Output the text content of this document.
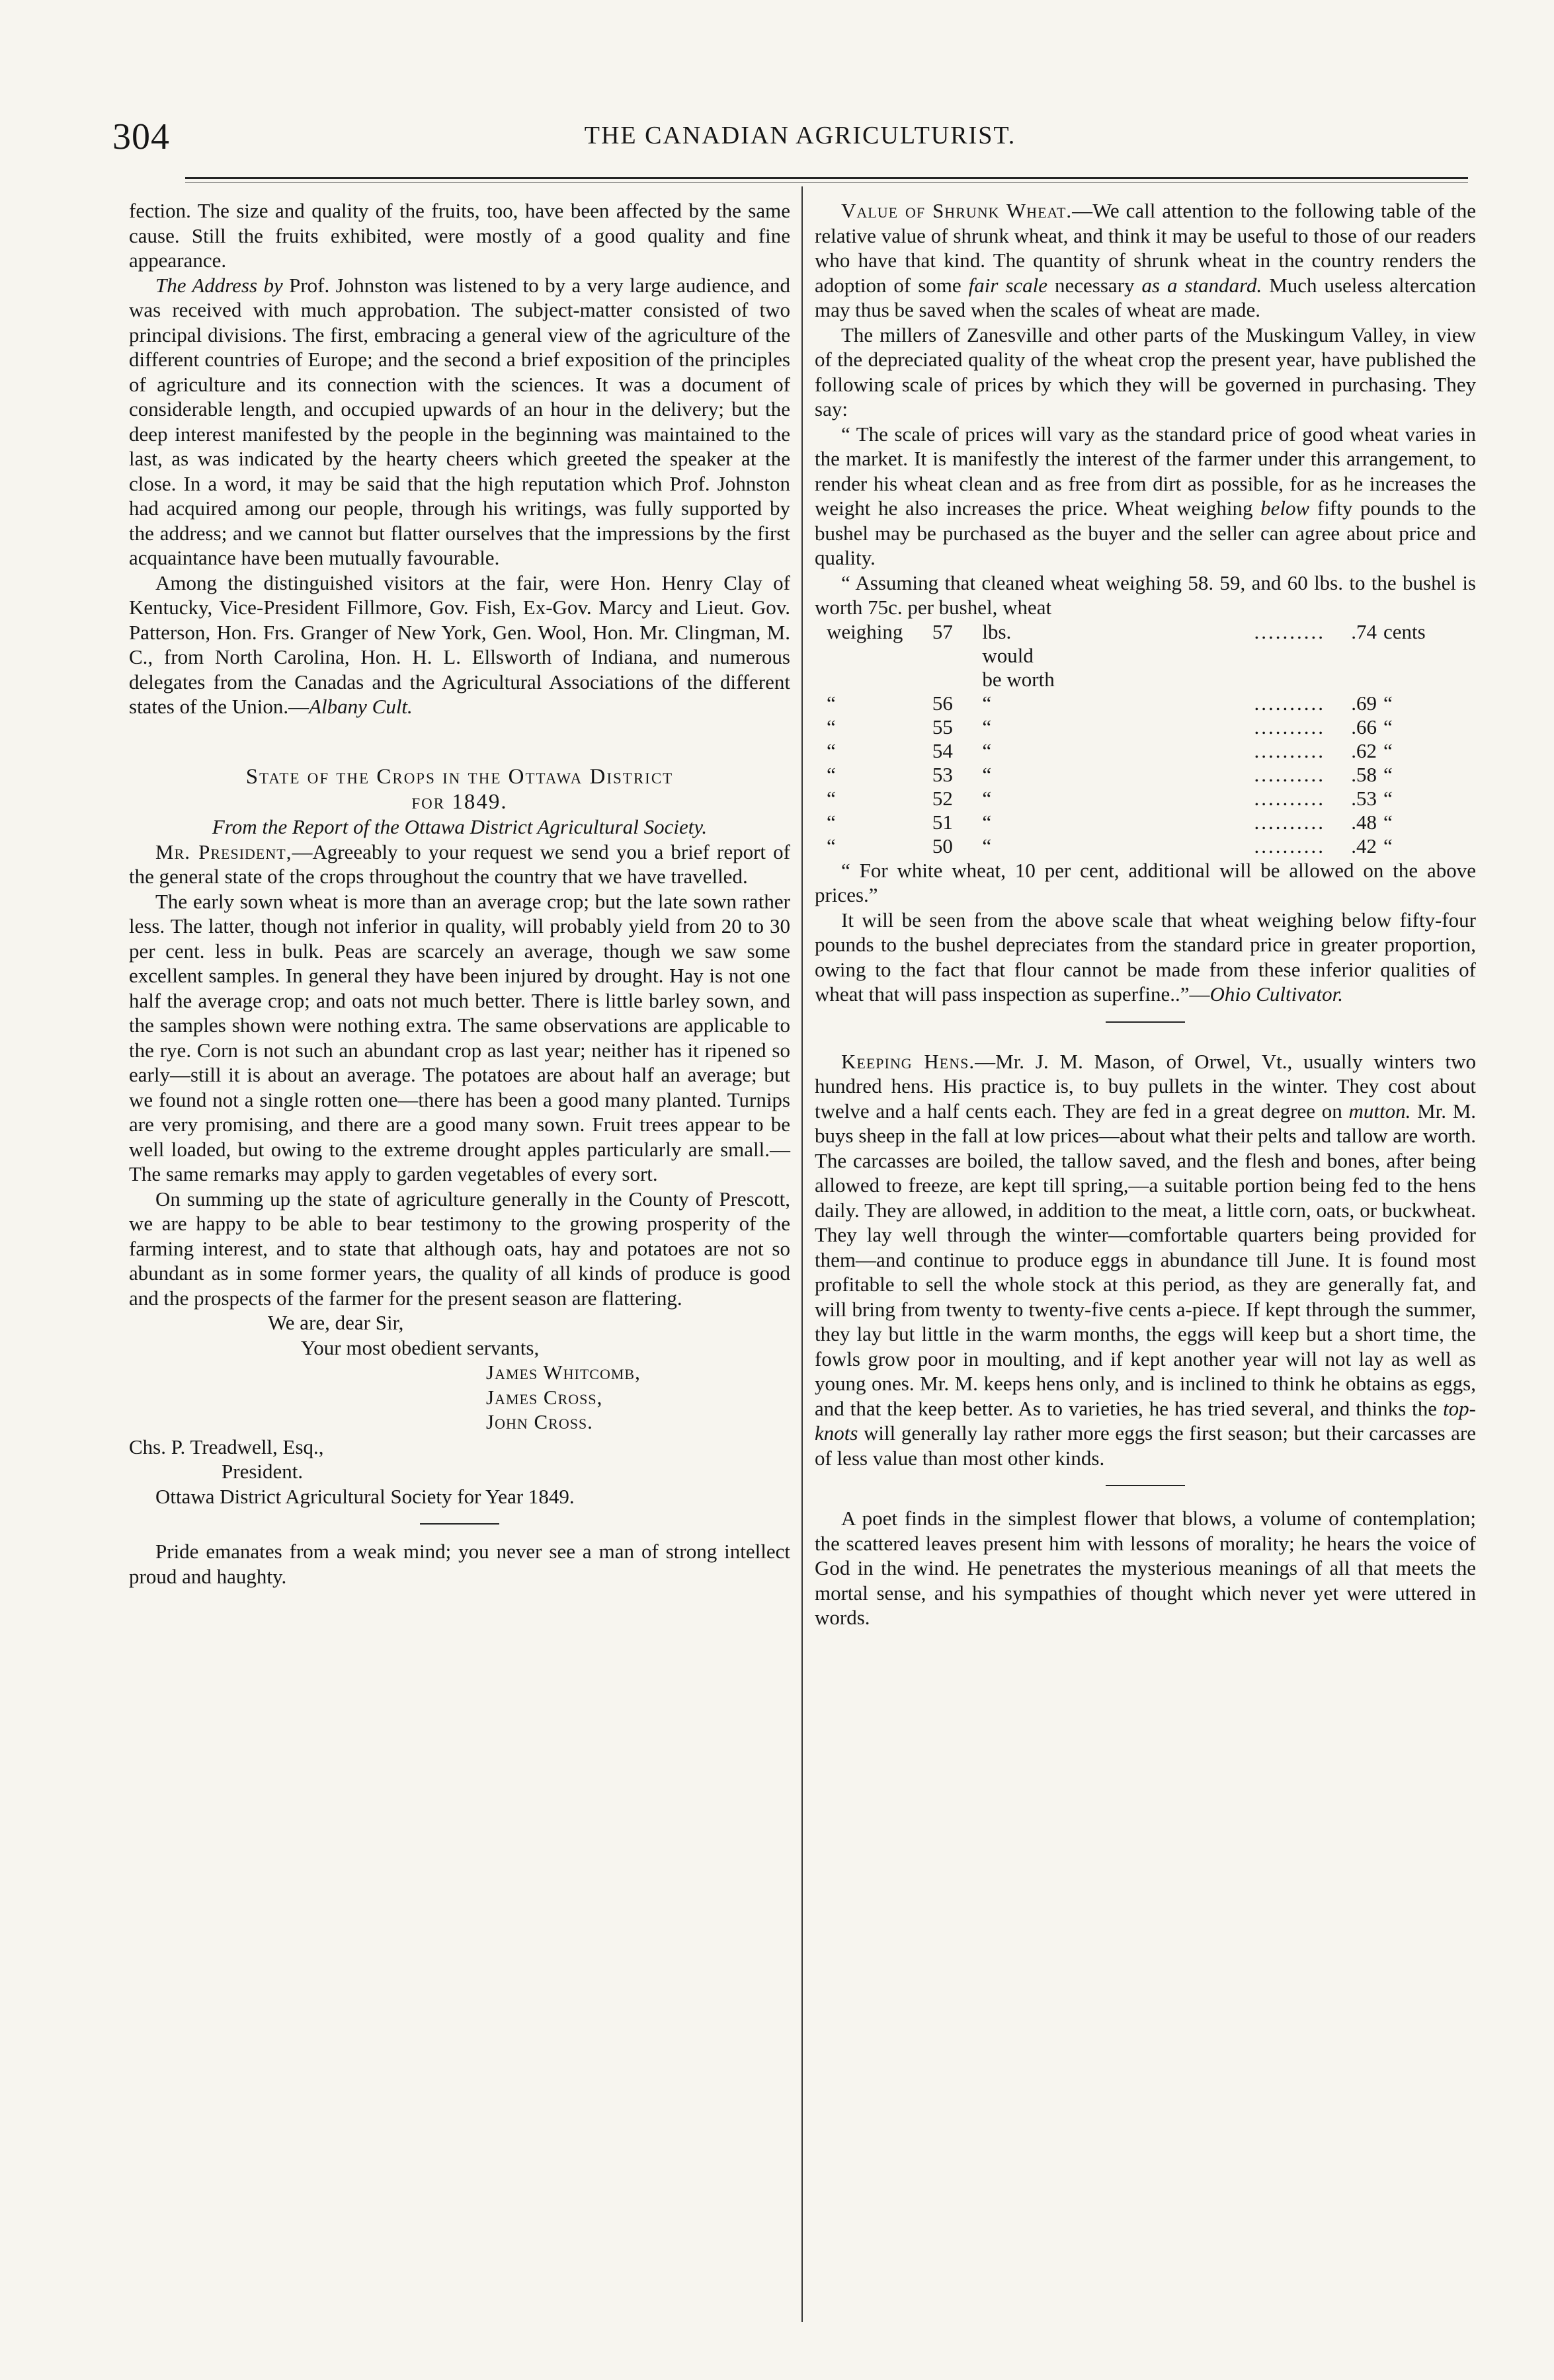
304	THE CANADIAN AGRICULTURIST.

fection. The size and quality of the fruits, too, have been affected by the same cause. Still the fruits exhibited, were mostly of a good quality and fine appearance.

The Address by Prof. Johnston was listened to by a very large audience, and was received with much approbation. The subject-matter consisted of two principal divisions. The first, embracing a general view of the agriculture of the different countries of Europe; and the second a brief exposition of the principles of agriculture and its connection with the sciences. It was a document of considerable length, and occupied upwards of an hour in the delivery; but the deep interest manifested by the people in the beginning was maintained to the last, as was indicated by the hearty cheers which greeted the speaker at the close. In a word, it may be said that the high reputation which Prof. Johnston had acquired among our people, through his writings, was fully supported by the address; and we cannot but flatter ourselves that the impressions by the first acquaintance have been mutually favourable.

Among the distinguished visitors at the fair, were Hon. Henry Clay of Kentucky, Vice-President Fillmore, Gov. Fish, Ex-Gov. Marcy and Lieut. Gov. Patterson, Hon. Frs. Granger of New York, Gen. Wool, Hon. Mr. Clingman, M. C., from North Carolina, Hon. H. L. Ellsworth of Indiana, and numerous delegates from the Canadas and the Agricultural Associations of the different states of the Union.—Albany Cult.

State of the Crops in the Ottawa District
for 1849.
From the Report of the Ottawa District Agricultural Society.

Mr. President,—Agreeably to your request we send you a brief report of the general state of the crops throughout the country that we have travelled.

The early sown wheat is more than an average crop; but the late sown rather less. The latter, though not inferior in quality, will probably yield from 20 to 30 per cent. less in bulk. Peas are scarcely an average, though we saw some excellent samples. In general they have been injured by drought. Hay is not one half the average crop; and oats not much better. There is little barley sown, and the samples shown were nothing extra. The same observations are applicable to the rye. Corn is not such an abundant crop as last year; neither has it ripened so early—still it is about an average. The potatoes are about half an average; but we found not a single rotten one—there has been a good many planted. Turnips are very promising, and there are a good many sown. Fruit trees appear to be well loaded, but owing to the extreme drought apples particularly are small.—The same remarks may apply to garden vegetables of every sort.

On summing up the state of agriculture generally in the County of Prescott, we are happy to be able to bear testimony to the growing prosperity of the farming interest, and to state that although oats, hay and potatoes are not so abundant as in some former years, the quality of all kinds of produce is good and the prospects of the farmer for the present season are flattering.

We are, dear Sir,
Your most obedient servants,
James Whitcomb,
James Cross,
John Cross.
Chs. P. Treadwell, Esq.,
President.
Ottawa District Agricultural Society for Year 1849.

Pride emanates from a weak mind; you never see a man of strong intellect proud and haughty.

Value of Shrunk Wheat.—We call attention to the following table of the relative value of shrunk wheat, and think it may be useful to those of our readers who have that kind. The quantity of shrunk wheat in the country renders the adoption of some fair scale necessary as a standard. Much useless altercation may thus be saved when the scales of wheat are made.

The millers of Zanesville and other parts of the Muskingum Valley, in view of the depreciated quality of the wheat crop the present year, have published the following scale of prices by which they will be governed in purchasing. They say:

“ The scale of prices will vary as the standard price of good wheat varies in the market. It is manifestly the interest of the farmer under this arrangement, to render his wheat clean and as free from dirt as possible, for as he increases the weight he also increases the price. Wheat weighing below fifty pounds to the bushel may be purchased as the buyer and the seller can agree about price and quality.

“ Assuming that cleaned wheat weighing 58. 59, and 60 lbs. to the bushel is worth 75c. per bushel, wheat

weighing	57	lbs. would be worth	..........	.74	cents
“	56	“	..........	.69	“
“	55	“	..........	.66	“
“	54	“	..........	.62	“
“	53	“	..........	.58	“
“	52	“	..........	.53	“
“	51	“	..........	.48	“
“	50	“	..........	.42	“

“ For white wheat, 10 per cent, additional will be allowed on the above prices.”

It will be seen from the above scale that wheat weighing below fifty-four pounds to the bushel depreciates from the standard price in greater proportion, owing to the fact that flour cannot be made from these inferior qualities of wheat that will pass inspection as superfine..”—Ohio Cultivator.

Keeping Hens.—Mr. J. M. Mason, of Orwel, Vt., usually winters two hundred hens. His practice is, to buy pullets in the winter. They cost about twelve and a half cents each. They are fed in a great degree on mutton. Mr. M. buys sheep in the fall at low prices—about what their pelts and tallow are worth. The carcasses are boiled, the tallow saved, and the flesh and bones, after being allowed to freeze, are kept till spring,—a suitable portion being fed to the hens daily. They are allowed, in addition to the meat, a little corn, oats, or buckwheat. They lay well through the winter—comfortable quarters being provided for them—and continue to produce eggs in abundance till June. It is found most profitable to sell the whole stock at this period, as they are generally fat, and will bring from twenty to twenty-five cents a-piece. If kept through the summer, they lay but little in the warm months, the eggs will keep but a short time, the fowls grow poor in moulting, and if kept another year will not lay as well as young ones. Mr. M. keeps hens only, and is inclined to think he obtains as eggs, and that the keep better. As to varieties, he has tried several, and thinks the top-knots will generally lay rather more eggs the first season; but their carcasses are of less value than most other kinds.

A poet finds in the simplest flower that blows, a volume of contemplation; the scattered leaves present him with lessons of morality; he hears the voice of God in the wind. He penetrates the mysterious meanings of all that meets the mortal sense, and his sympathies of thought which never yet were uttered in words.
